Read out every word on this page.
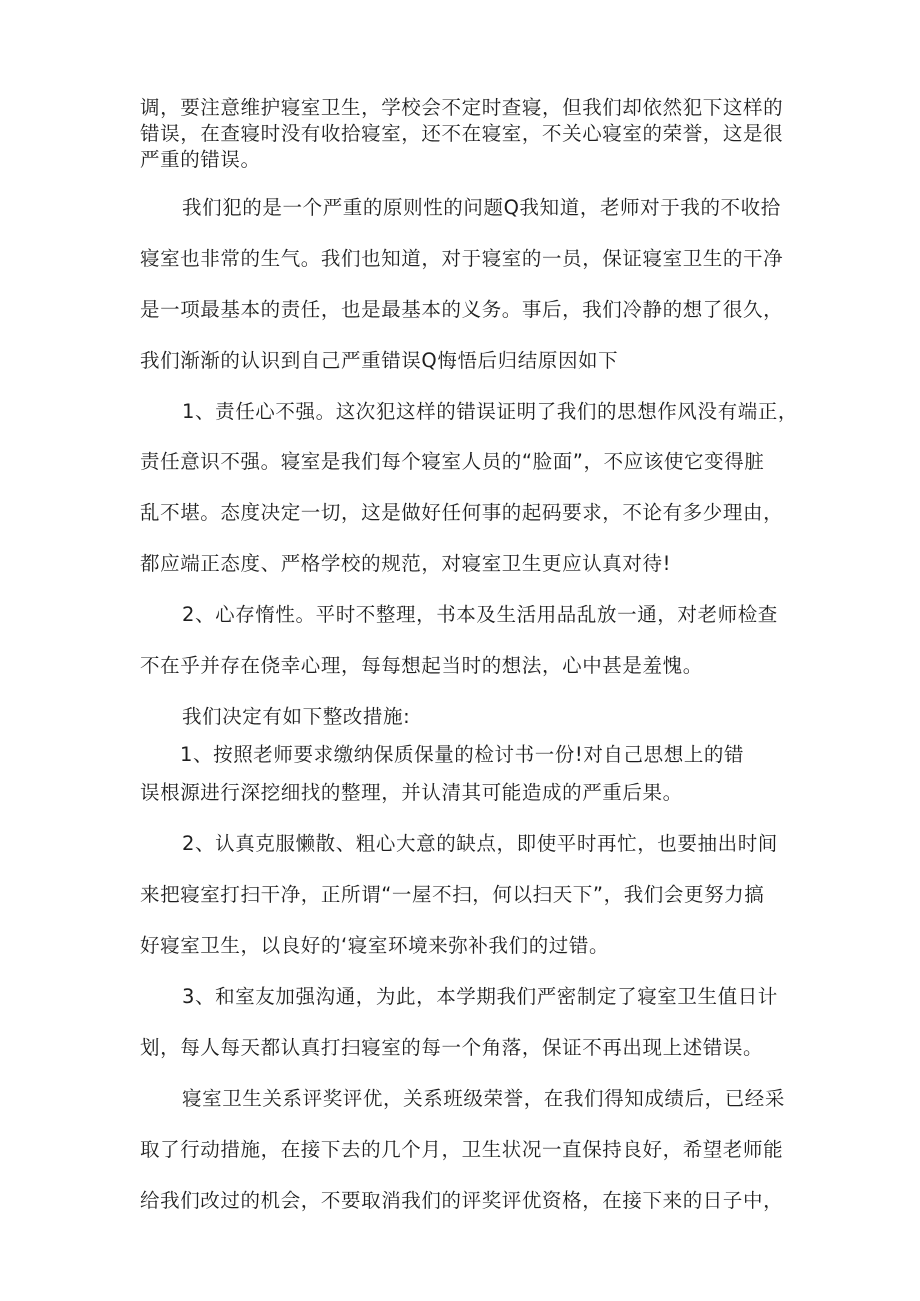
调，要注意维护寝室卫生，学校会不定时查寝，但我们却依然犯下这样的

错误，在查寝时没有收拾寝室，还不在寝室，不关心寝室的荣誉，这是很

严重的错误。

我们犯的是一个严重的原则性的问题Q我知道，老师对于我的不收拾

寝室也非常的生气。我们也知道，对于寝室的一员，保证寝室卫生的干净

是一项最基本的责任，也是最基本的义务。事后，我们冷静的想了很久，

我们渐渐的认识到自己严重错误Q悔悟后归结原因如下

1、责任心不强。这次犯这样的错误证明了我们的思想作风没有端正，

责任意识不强。寝室是我们每个寝室人员的“脸面”，不应该使它变得脏

乱不堪。态度决定一切，这是做好任何事的起码要求，不论有多少理由，

都应端正态度、严格学校的规范，对寝室卫生更应认真对待!

2、心存惰性。平时不整理，书本及生活用品乱放一通，对老师检查

不在乎并存在侥幸心理，每每想起当时的想法，心中甚是羞愧。

我们决定有如下整改措施:

1、按照老师要求缴纳保质保量的检讨书一份!对自己思想上的错

误根源进行深挖细找的整理，并认清其可能造成的严重后果。

2、认真克服懒散、粗心大意的缺点，即使平时再忙，也要抽出时间

来把寝室打扫干净，正所谓“一屋不扫，何以扫天下”，我们会更努力搞

好寝室卫生，以良好的‘寝室环境来弥补我们的过错。

3、和室友加强沟通，为此，本学期我们严密制定了寝室卫生值日计

划，每人每天都认真打扫寝室的每一个角落，保证不再出现上述错误。

寝室卫生关系评奖评优，关系班级荣誉，在我们得知成绩后，已经采

取了行动措施，在接下去的几个月，卫生状况一直保持良好，希望老师能

给我们改过的机会，不要取消我们的评奖评优资格，在接下来的日子中，
